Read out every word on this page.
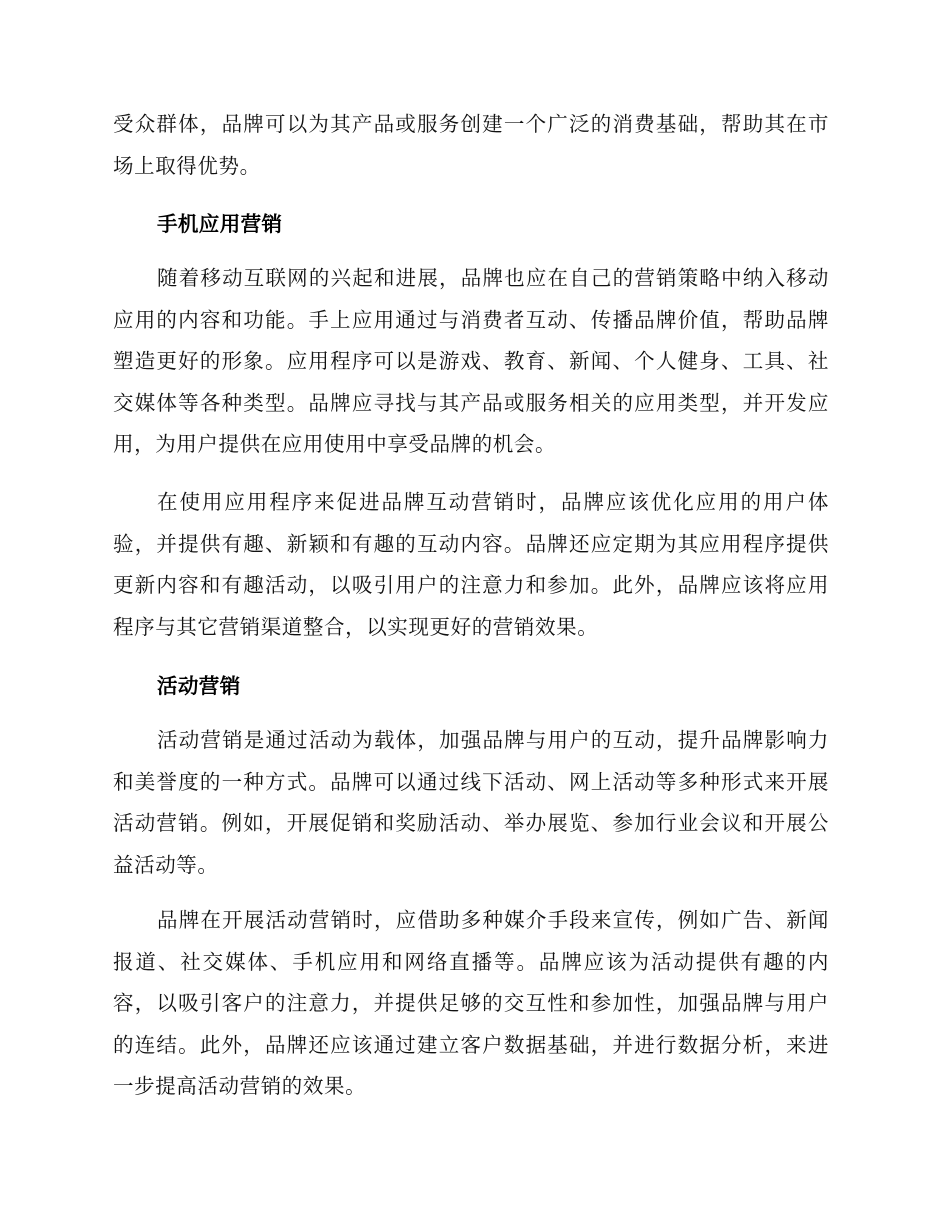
受众群体，品牌可以为其产品或服务创建一个广泛的消费基础，帮助其在市场上取得优势。

手机应用营销

随着移动互联网的兴起和进展，品牌也应在自己的营销策略中纳入移动应用的内容和功能。手上应用通过与消费者互动、传播品牌价值，帮助品牌塑造更好的形象。应用程序可以是游戏、教育、新闻、个人健身、工具、社交媒体等各种类型。品牌应寻找与其产品或服务相关的应用类型，并开发应用，为用户提供在应用使用中享受品牌的机会。

在使用应用程序来促进品牌互动营销时，品牌应该优化应用的用户体验，并提供有趣、新颖和有趣的互动内容。品牌还应定期为其应用程序提供更新内容和有趣活动，以吸引用户的注意力和参加。此外，品牌应该将应用程序与其它营销渠道整合，以实现更好的营销效果。

活动营销

活动营销是通过活动为载体，加强品牌与用户的互动，提升品牌影响力和美誉度的一种方式。品牌可以通过线下活动、网上活动等多种形式来开展活动营销。例如，开展促销和奖励活动、举办展览、参加行业会议和开展公益活动等。

品牌在开展活动营销时，应借助多种媒介手段来宣传，例如广告、新闻报道、社交媒体、手机应用和网络直播等。品牌应该为活动提供有趣的内容，以吸引客户的注意力，并提供足够的交互性和参加性，加强品牌与用户的连结。此外，品牌还应该通过建立客户数据基础，并进行数据分析，来进一步提高活动营销的效果。
